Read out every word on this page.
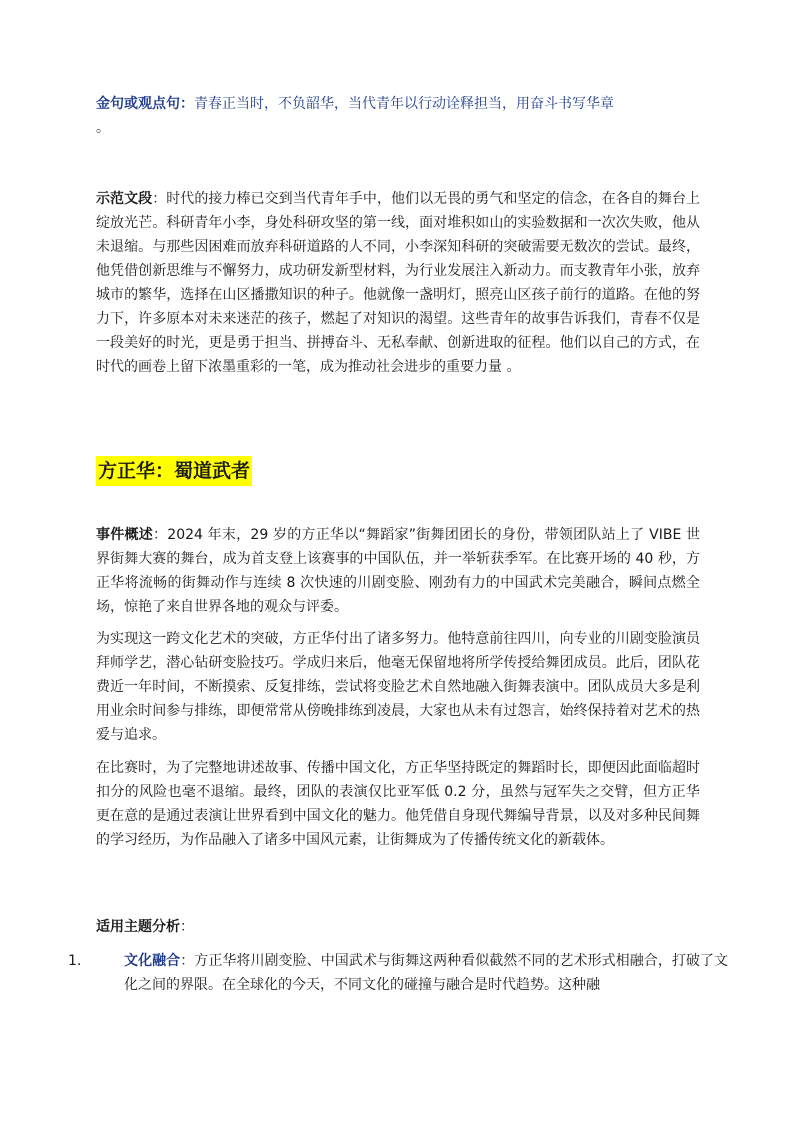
金句或观点句：青春正当时，不负韶华，当代青年以行动诠释担当，用奋斗书写华章
。
示范文段：时代的接力棒已交到当代青年手中，他们以无畏的勇气和坚定的信念，在各自的舞台上绽放光芒。科研青年小李，身处科研攻坚的第一线，面对堆积如山的实验数据和一次次失败，他从未退缩。与那些因困难而放弃科研道路的人不同，小李深知科研的突破需要无数次的尝试。最终，他凭借创新思维与不懈努力，成功研发新型材料，为行业发展注入新动力。而支教青年小张，放弃城市的繁华，选择在山区播撒知识的种子。他就像一盏明灯，照亮山区孩子前行的道路。在他的努力下，许多原本对未来迷茫的孩子，燃起了对知识的渴望。这些青年的故事告诉我们，青春不仅是一段美好的时光，更是勇于担当、拼搏奋斗、无私奉献、创新进取的征程。他们以自己的方式，在时代的画卷上留下浓墨重彩的一笔，成为推动社会进步的重要力量 。
方正华：蜀道武者
事件概述：2024 年末，29 岁的方正华以“舞蹈家”街舞团团长的身份，带领团队站上了 VIBE 世界街舞大赛的舞台，成为首支登上该赛事的中国队伍，并一举斩获季军。在比赛开场的 40 秒，方正华将流畅的街舞动作与连续 8 次快速的川剧变脸、刚劲有力的中国武术完美融合，瞬间点燃全场，惊艳了来自世界各地的观众与评委。
为实现这一跨文化艺术的突破，方正华付出了诸多努力。他特意前往四川，向专业的川剧变脸演员拜师学艺，潜心钻研变脸技巧。学成归来后，他毫无保留地将所学传授给舞团成员。此后，团队花费近一年时间，不断摸索、反复排练，尝试将变脸艺术自然地融入街舞表演中。团队成员大多是利用业余时间参与排练，即便常常从傍晚排练到凌晨，大家也从未有过怨言，始终保持着对艺术的热爱与追求。
在比赛时，为了完整地讲述故事、传播中国文化，方正华坚持既定的舞蹈时长，即便因此面临超时扣分的风险也毫不退缩。最终，团队的表演仅比亚军低 0.2 分，虽然与冠军失之交臂，但方正华更在意的是通过表演让世界看到中国文化的魅力。他凭借自身现代舞编导背景，以及对多种民间舞的学习经历，为作品融入了诸多中国风元素，让街舞成为了传播传统文化的新载体。
适用主题分析：
1.	文化融合：方正华将川剧变脸、中国武术与街舞这两种看似截然不同的艺术形式相融合，打破了文化之间的界限。在全球化的今天，不同文化的碰撞与融合是时代趋势。这种融
